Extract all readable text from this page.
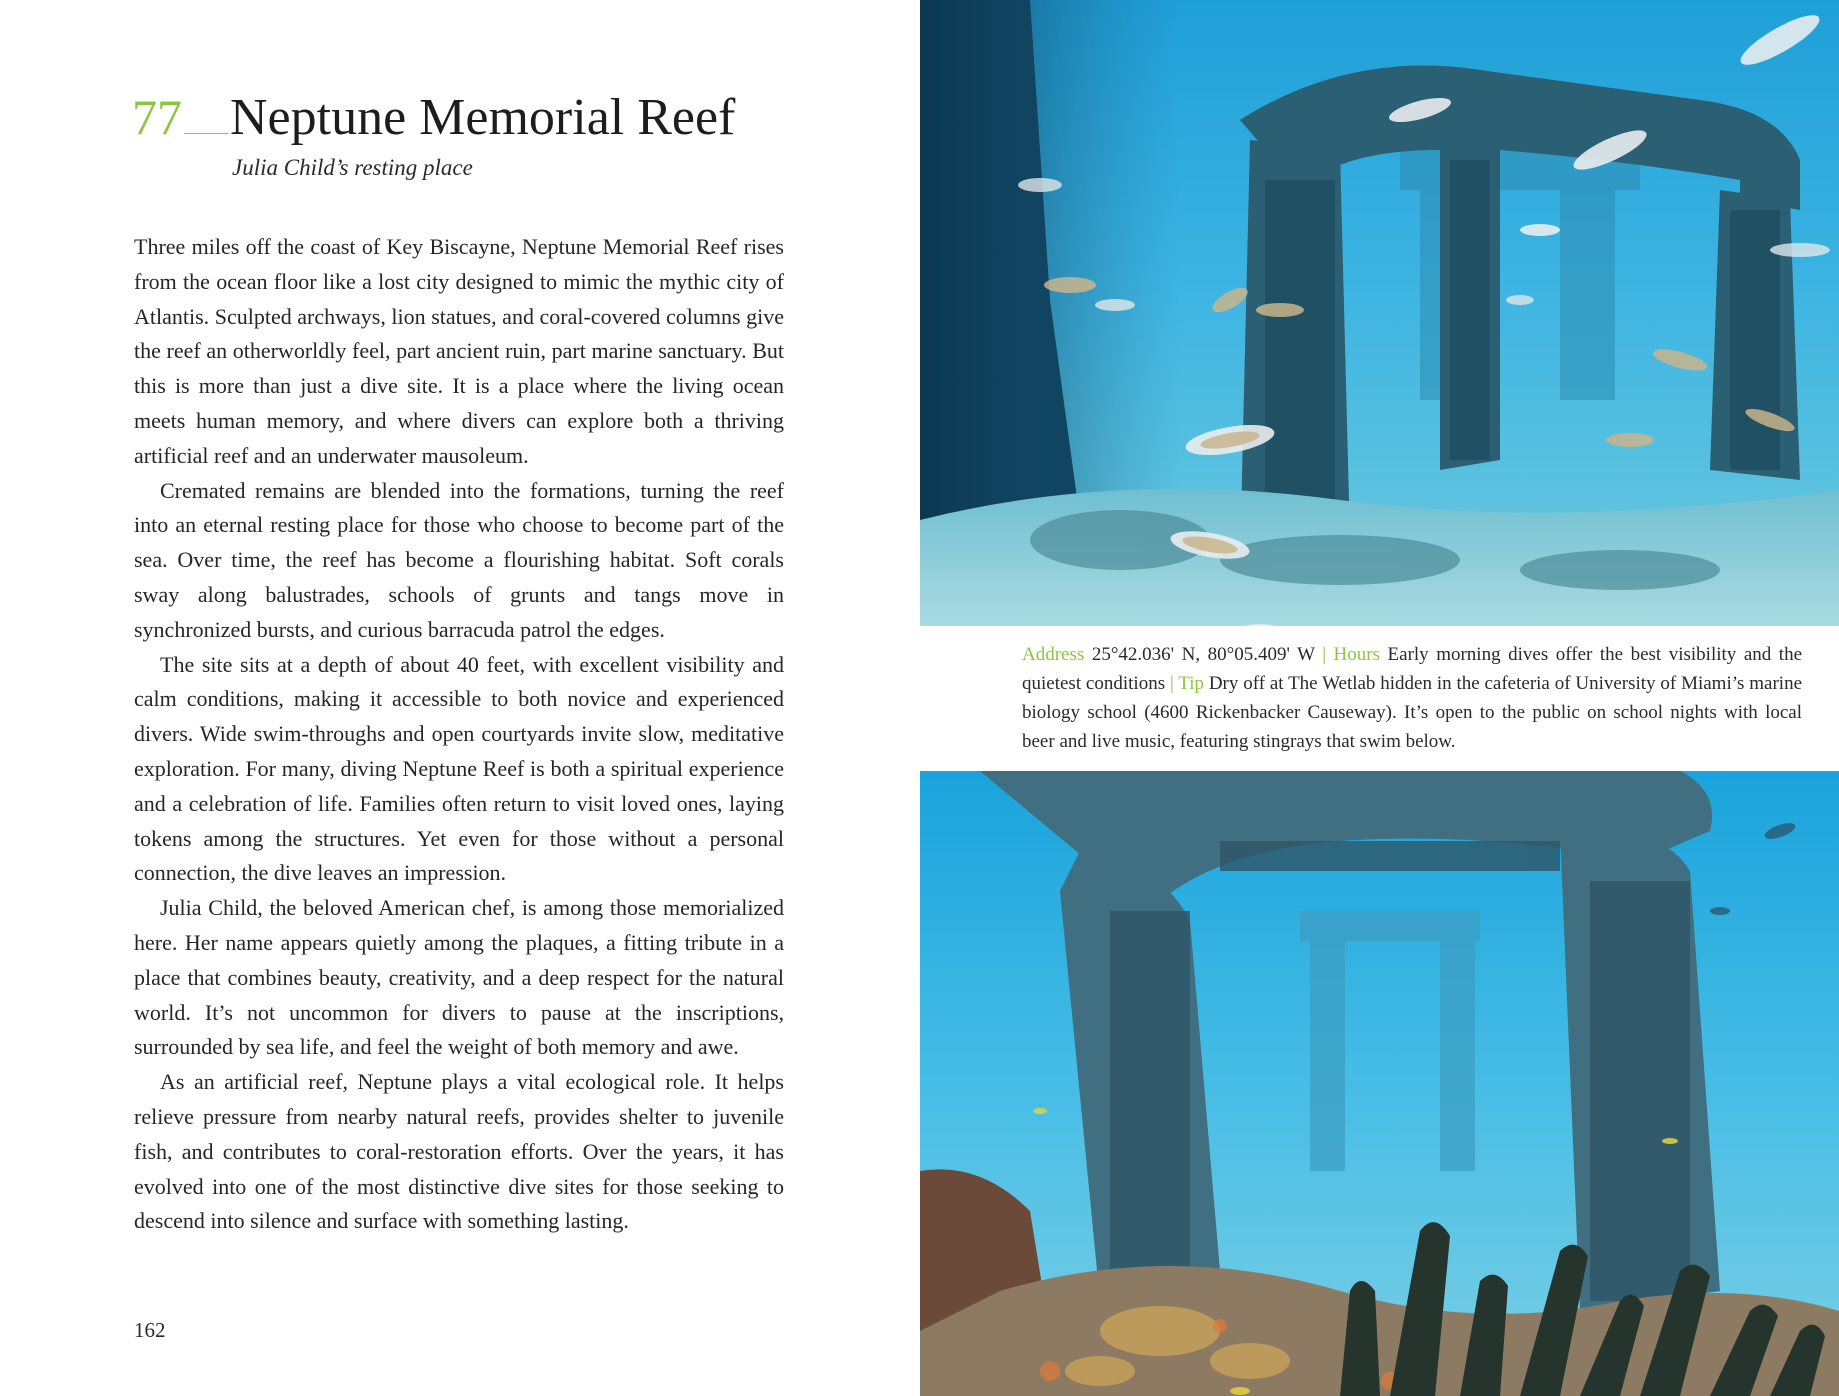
77 Neptune Memorial Reef
Julia Child’s resting place

Three miles off the coast of Key Biscayne, Neptune Memorial Reef rises from the ocean floor like a lost city designed to mimic the mythic city of Atlantis. Sculpted archways, lion statues, and coral-covered columns give the reef an otherworldly feel, part ancient ruin, part marine sanctuary. But this is more than just a dive site. It is a place where the living ocean meets human memory, and where divers can explore both a thriving artificial reef and an underwater mausoleum.

Cremated remains are blended into the formations, turning the reef into an eternal resting place for those who choose to become part of the sea. Over time, the reef has become a flourishing habitat. Soft corals sway along balustrades, schools of grunts and tangs move in synchronized bursts, and curious barracuda patrol the edges.

The site sits at a depth of about 40 feet, with excellent visibility and calm conditions, making it accessible to both novice and experienced divers. Wide swim-throughs and open courtyards invite slow, meditative exploration. For many, diving Neptune Reef is both a spiritual experience and a celebration of life. Families often return to visit loved ones, laying tokens among the structures. Yet even for those without a personal connection, the dive leaves an impression.

Julia Child, the beloved American chef, is among those memorialized here. Her name appears quietly among the plaques, a fitting tribute in a place that combines beauty, creativity, and a deep respect for the natural world. It’s not uncommon for divers to pause at the inscriptions, surrounded by sea life, and feel the weight of both memory and awe.

As an artificial reef, Neptune plays a vital ecological role. It helps relieve pressure from nearby natural reefs, provides shelter to juvenile fish, and contributes to coral-restoration efforts. Over the years, it has evolved into one of the most distinctive dive sites for those seeking to descend into silence and surface with something lasting.

162
Address 25°42.036' N, 80°05.409' W | Hours Early morning dives offer the best visibility and the quietest conditions | Tip Dry off at The Wetlab hidden in the cafeteria of University of Miami’s marine biology school (4600 Rickenbacker Causeway). It’s open to the public on school nights with local beer and live music, featuring stingrays that swim below.
